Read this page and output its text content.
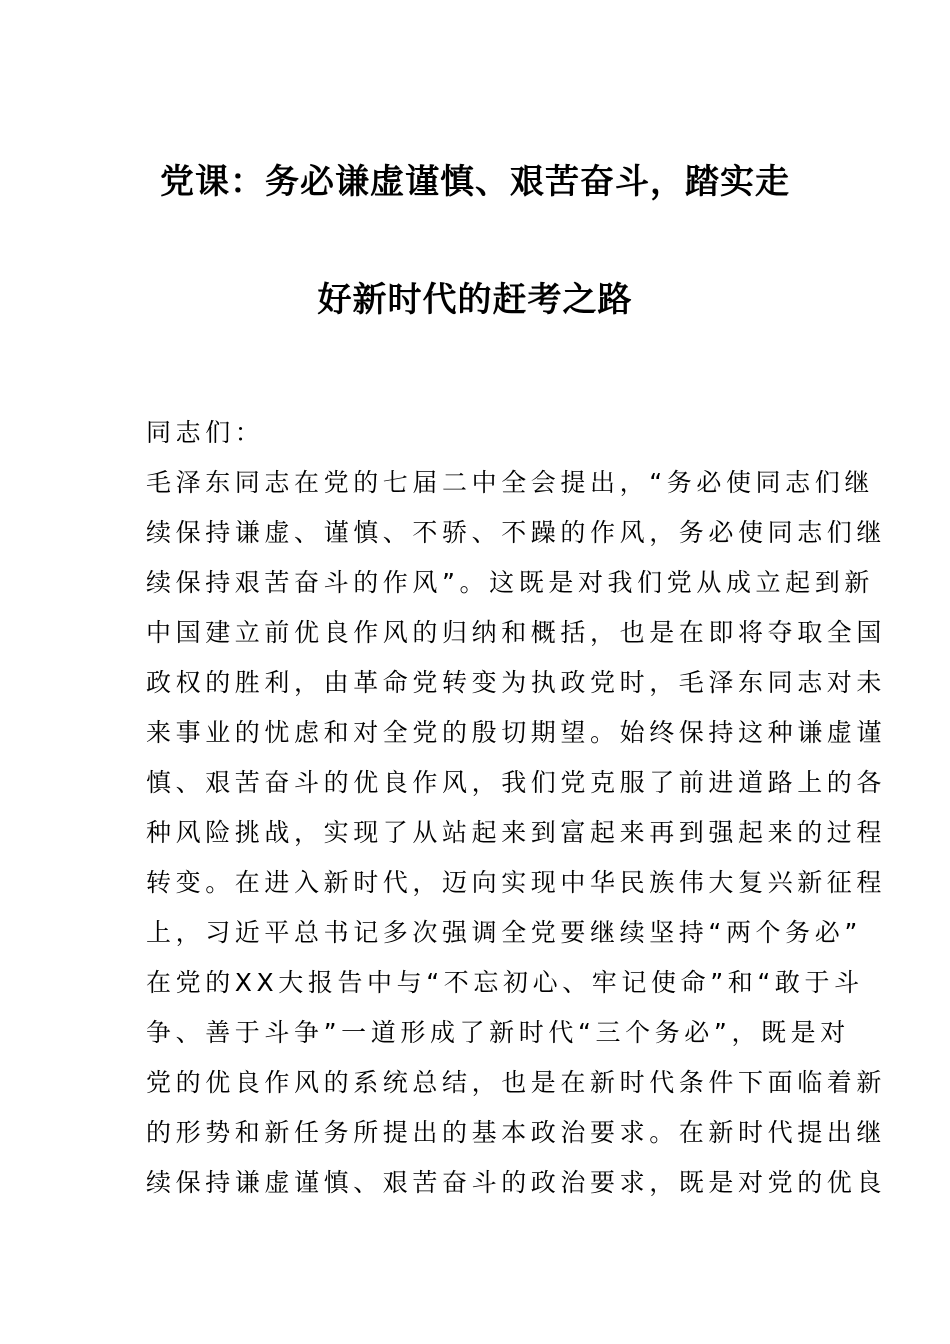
党课：务必谦虚谨慎、艰苦奋斗，踏实走
好新时代的赶考之路
同志们：
毛泽东同志在党的七届二中全会提出，“务必使同志们继
续保持谦虚、谨慎、不骄、不躁的作风，务必使同志们继
续保持艰苦奋斗的作风”。这既是对我们党从成立起到新
中国建立前优良作风的归纳和概括，也是在即将夺取全国
政权的胜利，由革命党转变为执政党时，毛泽东同志对未
来事业的忧虑和对全党的殷切期望。始终保持这种谦虚谨
慎、艰苦奋斗的优良作风，我们党克服了前进道路上的各
种风险挑战，实现了从站起来到富起来再到强起来的过程
转变。在进入新时代，迈向实现中华民族伟大复兴新征程
上，习近平总书记多次强调全党要继续坚持“两个务必”
在党的XX大报告中与“不忘初心、牢记使命”和“敢于斗
争、善于斗争”一道形成了新时代“三个务必”，既是对
党的优良作风的系统总结，也是在新时代条件下面临着新
的形势和新任务所提出的基本政治要求。在新时代提出继
续保持谦虚谨慎、艰苦奋斗的政治要求，既是对党的优良
